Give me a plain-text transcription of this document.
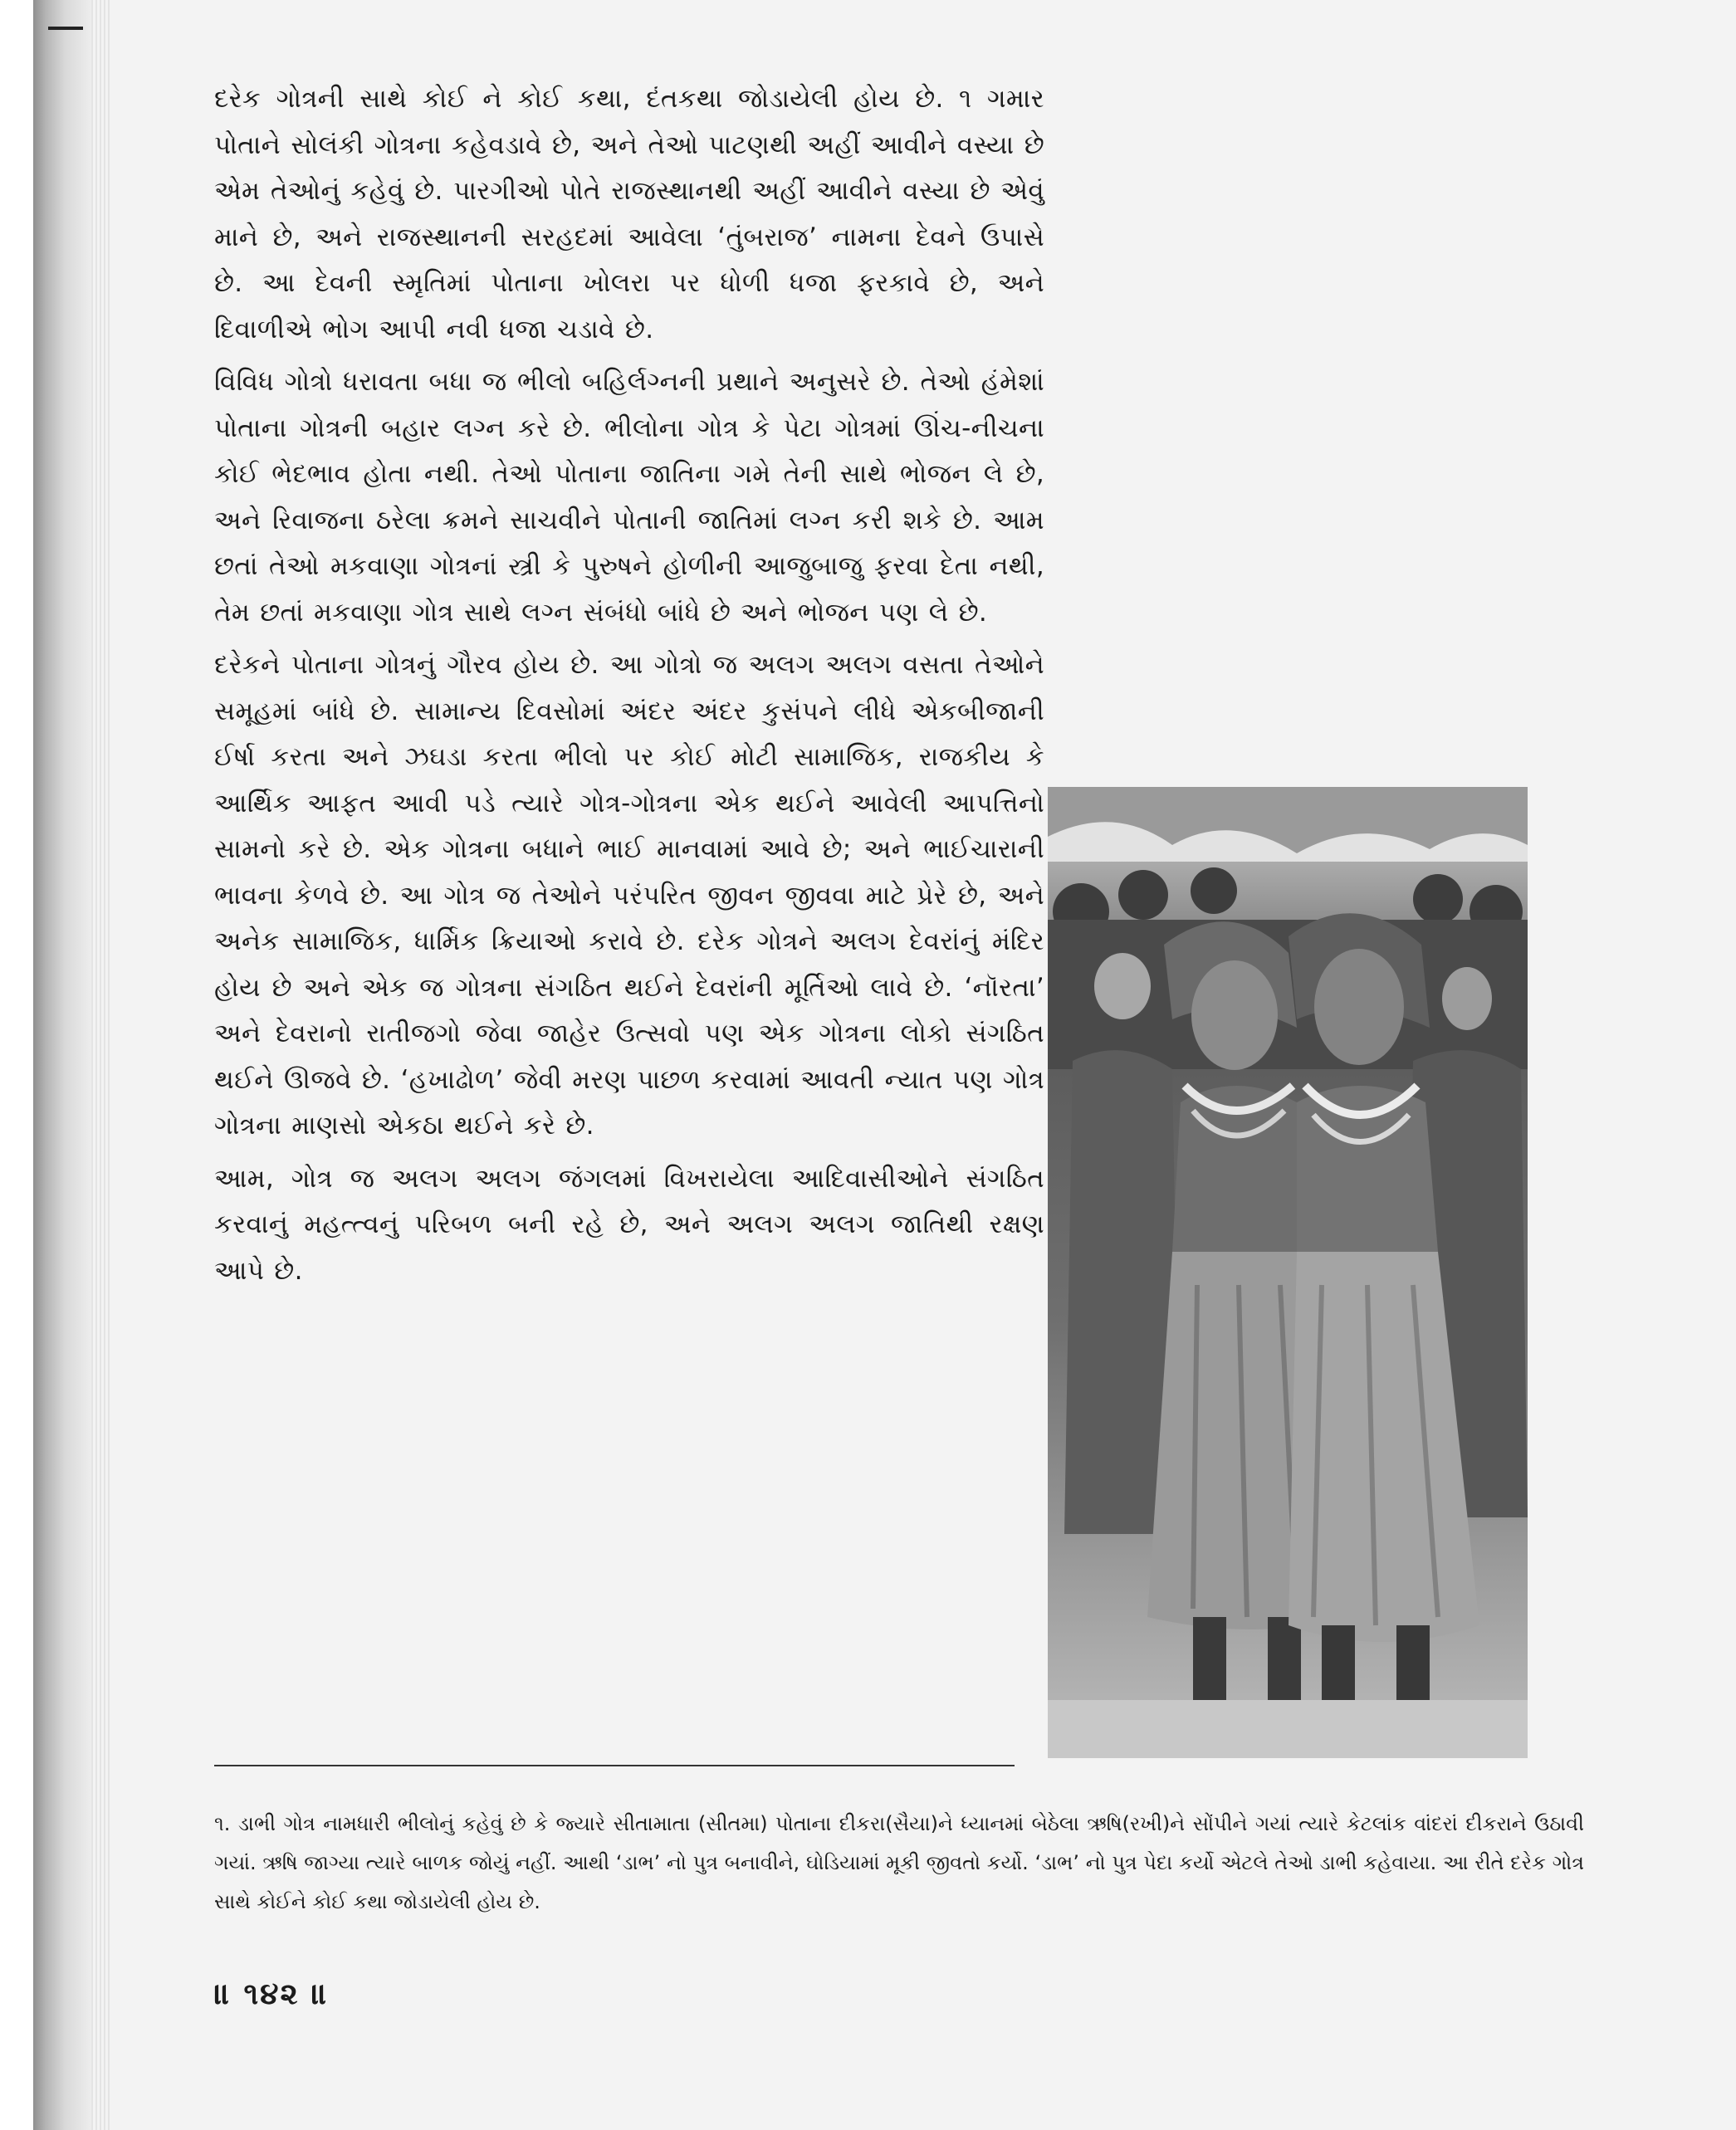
દરેક ગોત્રની સાથે કોઈ ને કોઈ કથા, દંતકથા જોડાયેલી હોય છે. ૧ ગમાર પોતાને સોલંકી ગોત્રના કહેવડાવે છે, અને તેઓ પાટણથી અહીં આવીને વસ્યા છે એમ તેઓનું કહેવું છે. પારગીઓ પોતે રાજસ્થાનથી અહીં આવીને વસ્યા છે એવું માને છે, અને રાજસ્થાનની સરહદમાં આવેલા ‘તુંબરાજ’ નામના દેવને ઉપાસે છે. આ દેવની સ્મૃતિમાં પોતાના ખોલરા પર ધોળી ધજા ફરકાવે છે, અને દિવાળીએ ભોગ આપી નવી ધજા ચડાવે છે.

વિવિધ ગોત્રો ધરાવતા બધા જ ભીલો બહિર્લગ્નની પ્રથાને અનુસરે છે. તેઓ હંમેશાં પોતાના ગોત્રની બહાર લગ્ન કરે છે. ભીલોના ગોત્ર કે પેટા ગોત્રમાં ઊંચ-નીચના કોઈ ભેદભાવ હોતા નથી. તેઓ પોતાના જાતિના ગમે તેની સાથે ભોજન લે છે, અને રિવાજના ઠરેલા ક્રમને સાચવીને પોતાની જાતિમાં લગ્ન કરી શકે છે. આમ છતાં તેઓ મકવાણા ગોત્રનાં સ્ત્રી કે પુરુષને હોળીની આજુબાજુ ફરવા દેતા નથી, તેમ છતાં મકવાણા ગોત્ર સાથે લગ્ન સંબંધો બાંધે છે અને ભોજન પણ લે છે.

દરેકને પોતાના ગોત્રનું ગૌરવ હોય છે. આ ગોત્રો જ અલગ અલગ વસતા તેઓને સમૂહમાં બાંધે છે. સામાન્ય દિવસોમાં અંદર અંદર કુસંપને લીધે એકબીજાની ઈર્ષા કરતા અને ઝઘડા કરતા ભીલો પર કોઈ મોટી સામાજિક, રાજકીય કે આર્થિક આફત આવી પડે ત્યારે ગોત્ર-ગોત્રના એક થઈને આવેલી આપત્તિનો સામનો કરે છે. એક ગોત્રના બધાને ભાઈ માનવામાં આવે છે; અને ભાઈચારાની ભાવના કેળવે છે. આ ગોત્ર જ તેઓને પરંપરિત જીવન જીવવા માટે પ્રેરે છે, અને અનેક સામાજિક, ધાર્મિક ક્રિયાઓ કરાવે છે. દરેક ગોત્રને અલગ દેવરાંનું મંદિર હોય છે અને એક જ ગોત્રના સંગઠિત થઈને દેવરાંની મૂર્તિઓ લાવે છે. ‘નૉરતા’ અને દેવરાનો રાતીજગો જેવા જાહેર ઉત્સવો પણ એક ગોત્રના લોકો સંગઠિત થઈને ઊજવે છે. ‘હખાઢોળ’ જેવી મરણ પાછળ કરવામાં આવતી ન્યાત પણ ગોત્ર ગોત્રના માણસો એકઠા થઈને કરે છે.

આમ, ગોત્ર જ અલગ અલગ જંગલમાં વિખરાયેલા આદિવાસીઓને સંગઠિત કરવાનું મહત્ત્વનું પરિબળ બની રહે છે, અને અલગ અલગ જાતિથી રક્ષણ આપે છે.

૧. ડાભી ગોત્ર નામધારી ભીલોનું કહેવું છે કે જ્યારે સીતામાતા (સીતમા) પોતાના દીકરા(સૈયા)ને ધ્યાનમાં બેઠેલા ઋષિ(રખી)ને સોંપીને ગયાં ત્યારે કેટલાંક વાંદરાં દીકરાને ઉઠાવી ગયાં. ઋષિ જાગ્યા ત્યારે બાળક જોયું નહીં. આથી ‘ડાભ’ નો પુત્ર બનાવીને, ઘોડિયામાં મૂકી જીવતો કર્યો. ‘ડાભ’ નો પુત્ર પેદા કર્યો એટલે તેઓ ડાભી કહેવાયા. આ રીતે દરેક ગોત્ર સાથે કોઈને કોઈ કથા જોડાયેલી હોય છે.

॥ ૧૪૨ ॥
